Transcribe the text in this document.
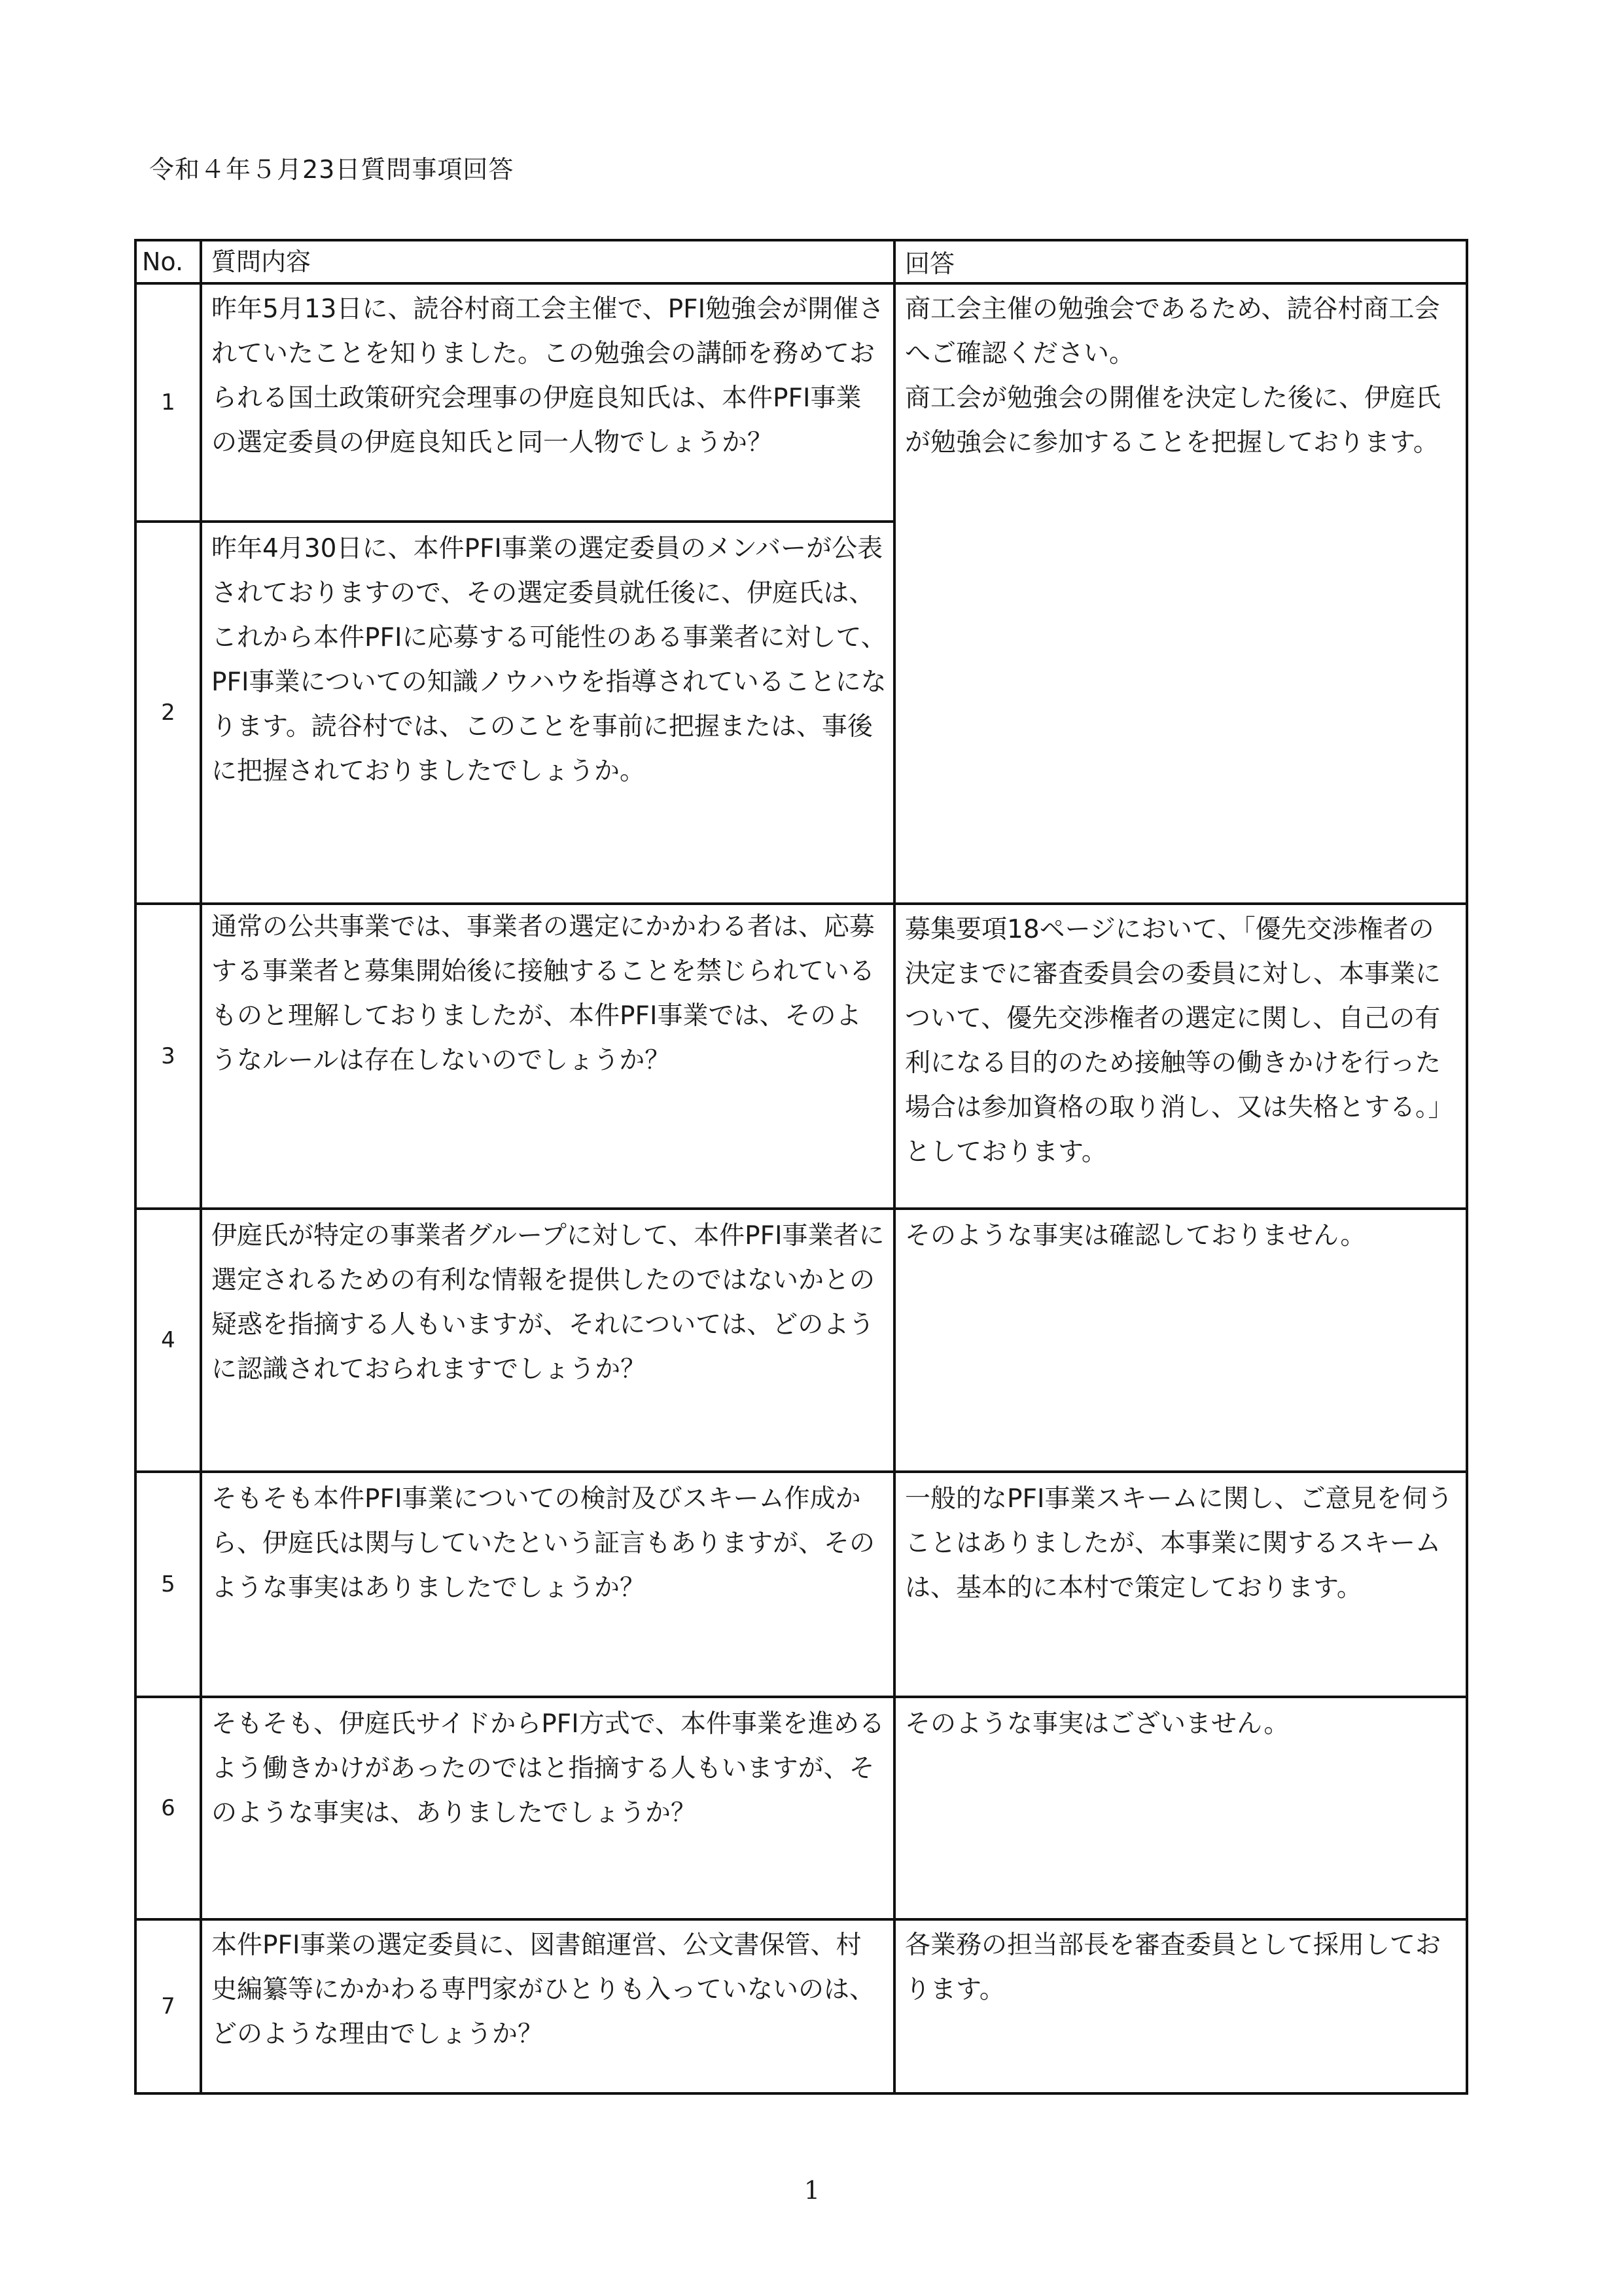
令和４年５月23日質問事項回答
No.	質問内容	回答
1	昨年5月13日に、読谷村商工会主催で、PFI勉強会が開催されていたことを知りました。この勉強会の講師を務めておられる国土政策研究会理事の伊庭良知氏は、本件PFI事業の選定委員の伊庭良知氏と同一人物でしょうか？	商工会主催の勉強会であるため、読谷村商工会へご確認ください。
商工会が勉強会の開催を決定した後に、伊庭氏が勉強会に参加することを把握しております。

2	昨年4月30日に、本件PFI事業の選定委員のメンバーが公表されておりますので、その選定委員就任後に、伊庭氏は、これから本件PFIに応募する可能性のある事業者に対して、PFI事業についての知識ノウハウを指導されていることになります。読谷村では、このことを事前に把握または、事後に把握されておりましたでしょうか。	

3	通常の公共事業では、事業者の選定にかかわる者は、応募する事業者と募集開始後に接触することを禁じられているものと理解しておりましたが、本件PFI事業では、そのようなルールは存在しないのでしょうか？	募集要項18ページにおいて、「優先交渉権者の決定までに審査委員会の委員に対し、本事業について、優先交渉権者の選定に関し、自己の有利になる目的のため接触等の働きかけを行った場合は参加資格の取り消し、又は失格とする。」としております。

4	伊庭氏が特定の事業者グループに対して、本件PFI事業者に選定されるための有利な情報を提供したのではないかとの疑惑を指摘する人もいますが、それについては、どのように認識されておられますでしょうか？	そのような事実は確認しておりません。

5	そもそも本件PFI事業についての検討及びスキーム作成から、伊庭氏は関与していたという証言もありますが、そのような事実はありましたでしょうか？	一般的なPFI事業スキームに関し、ご意見を伺うことはありましたが、本事業に関するスキームは、基本的に本村で策定しております。

6	そもそも、伊庭氏サイドからPFI方式で、本件事業を進めるよう働きかけがあったのではと指摘する人もいますが、そのような事実は、ありましたでしょうか？	そのような事実はございません。

7	本件PFI事業の選定委員に、図書館運営、公文書保管、村史編纂等にかかわる専門家がひとりも入っていないのは、どのような理由でしょうか？	各業務の担当部長を審査委員として採用しております。
1
